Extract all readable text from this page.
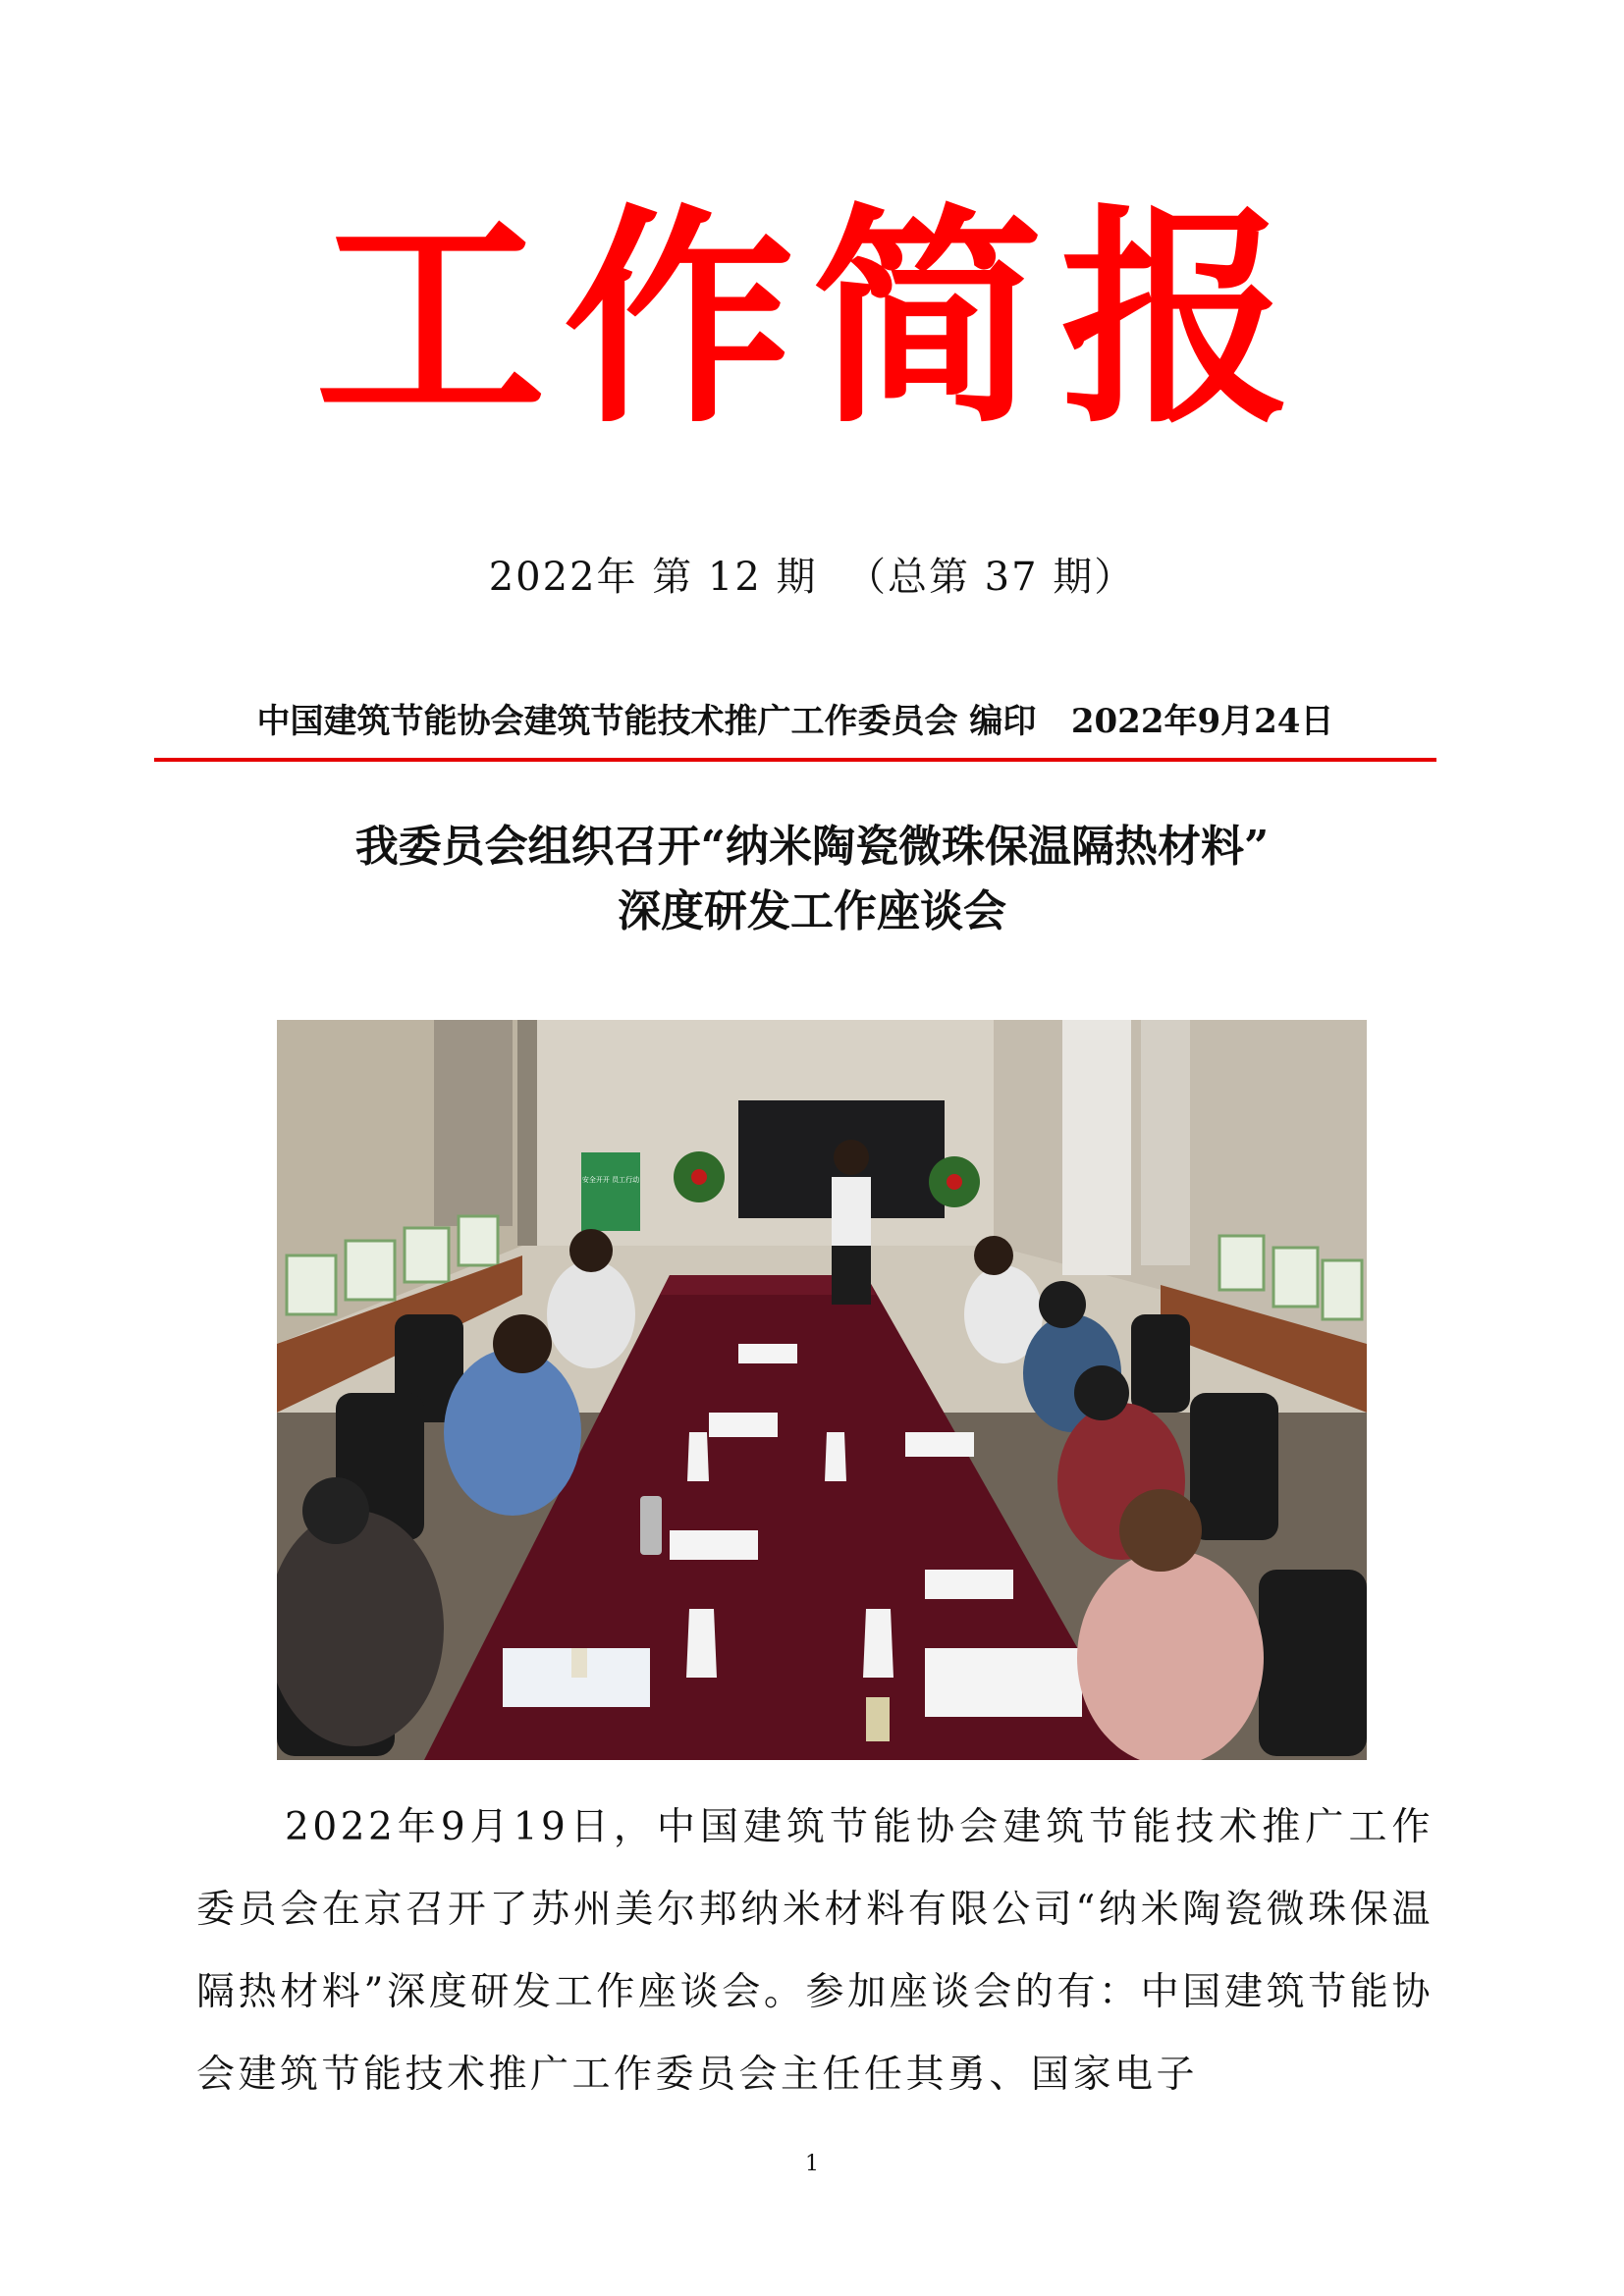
工作简报
2022年 第 12 期  （总第 37 期）
中国建筑节能协会建筑节能技术推广工作委员会 编印   2022年9月24日
我委员会组织召开“纳米陶瓷微珠保温隔热材料”
深度研发工作座谈会
安全开开 员工行动
2022年9月19日，中国建筑节能协会建筑节能技术推广工作委员会在京召开了苏州美尔邦纳米材料有限公司“纳米陶瓷微珠保温隔热材料”深度研发工作座谈会。参加座谈会的有：中国建筑节能协会建筑节能技术推广工作委员会主任任其勇、国家电子
1
